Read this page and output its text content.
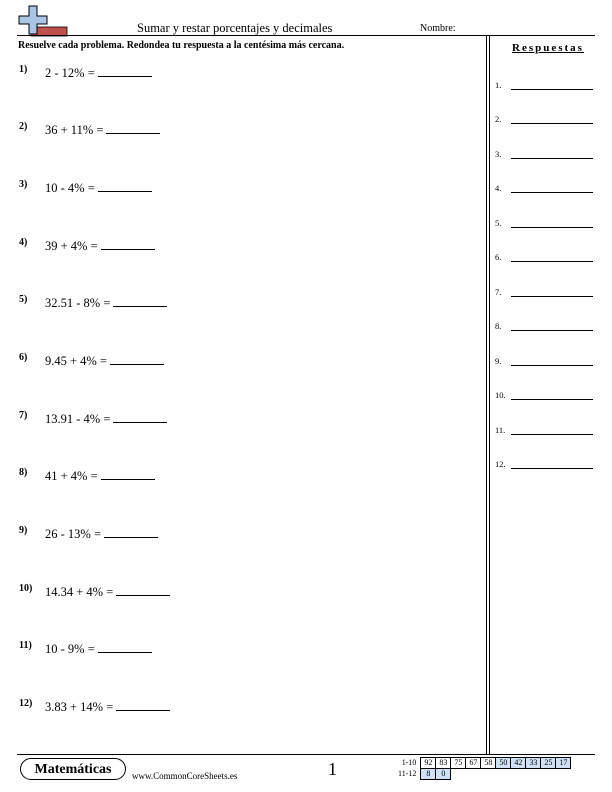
Sumar y restar porcentajes y decimales	Nombre:
Resuelve cada problema. Redondea tu respuesta a la centésima más cercana.
1) 2 - 12% =
2) 36 + 11% =
3) 10 - 4% =
4) 39 + 4% =
5) 32.51 - 8% =
6) 9.45 + 4% =
7) 13.91 - 4% =
8) 41 + 4% =
9) 26 - 13% =
10) 14.34 + 4% =
11) 10 - 9% =
12) 3.83 + 14% =
Respuestas
1.
2.
3.
4.
5.
6.
7.
8.
9.
10.
11.
12.
Matemáticas	www.CommonCoreSheets.es	1	1-10	92	83	75	67	58	50	42	33	25	17
11-12	8	0								
